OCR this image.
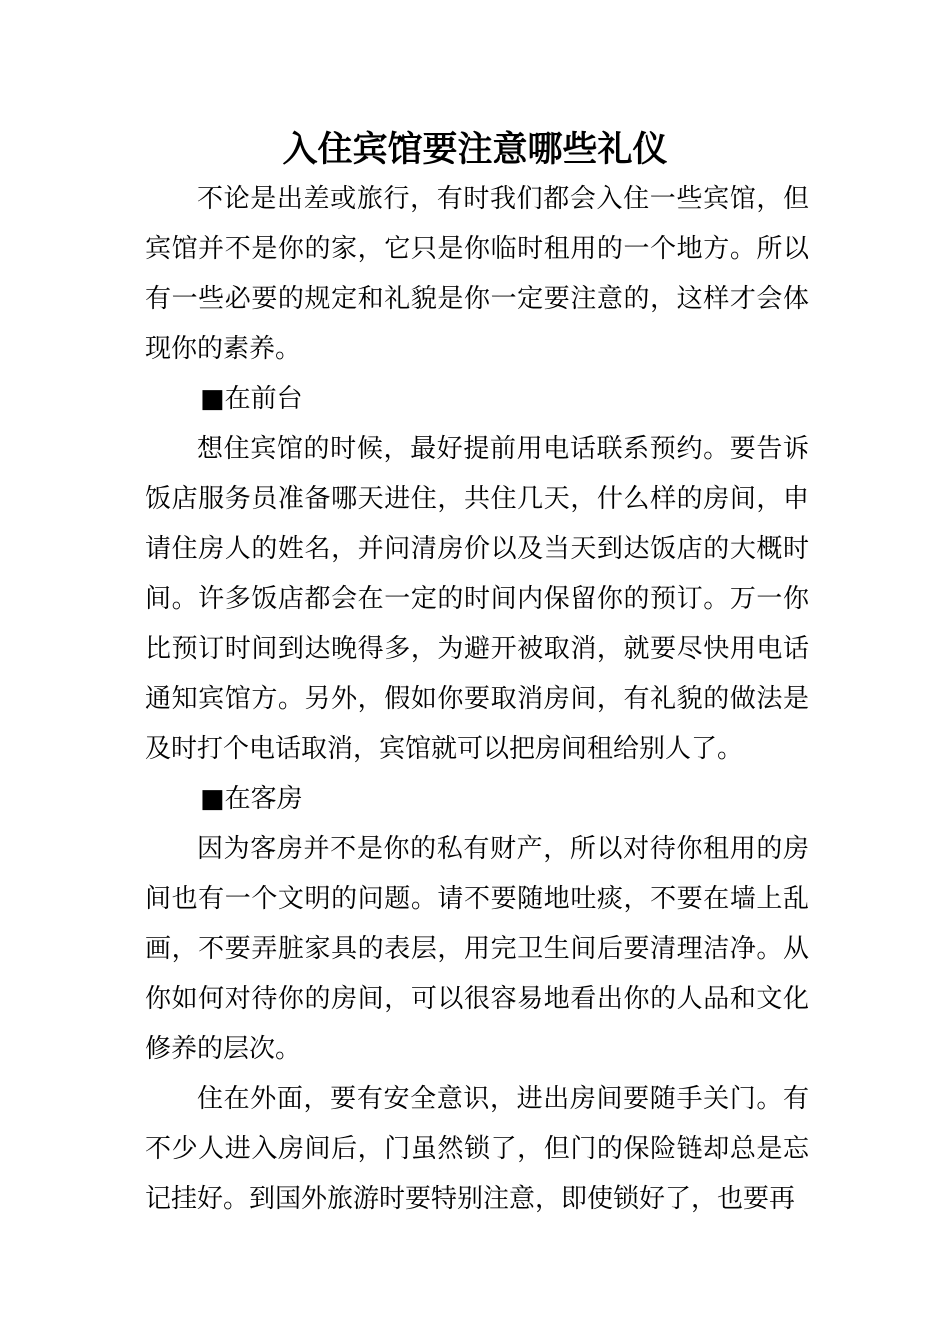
入住宾馆要注意哪些礼仪

不论是出差或旅行，有时我们都会入住一些宾馆，但宾馆并不是你的家，它只是你临时租用的一个地方。所以有一些必要的规定和礼貌是你一定要注意的，这样才会体现你的素养。

■在前台

想住宾馆的时候，最好提前用电话联系预约。要告诉饭店服务员准备哪天进住，共住几天，什么样的房间，申请住房人的姓名，并问清房价以及当天到达饭店的大概时间。许多饭店都会在一定的时间内保留你的预订。万一你比预订时间到达晚得多，为避开被取消，就要尽快用电话通知宾馆方。另外，假如你要取消房间，有礼貌的做法是及时打个电话取消，宾馆就可以把房间租给别人了。

■在客房

因为客房并不是你的私有财产，所以对待你租用的房间也有一个文明的问题。请不要随地吐痰，不要在墙上乱画，不要弄脏家具的表层，用完卫生间后要清理洁净。从你如何对待你的房间，可以很容易地看出你的人品和文化修养的层次。

住在外面，要有安全意识，进出房间要随手关门。有不少人进入房间后，门虽然锁了，但门的保险链却总是忘记挂好。到国外旅游时要特别注意，即使锁好了，也要再
